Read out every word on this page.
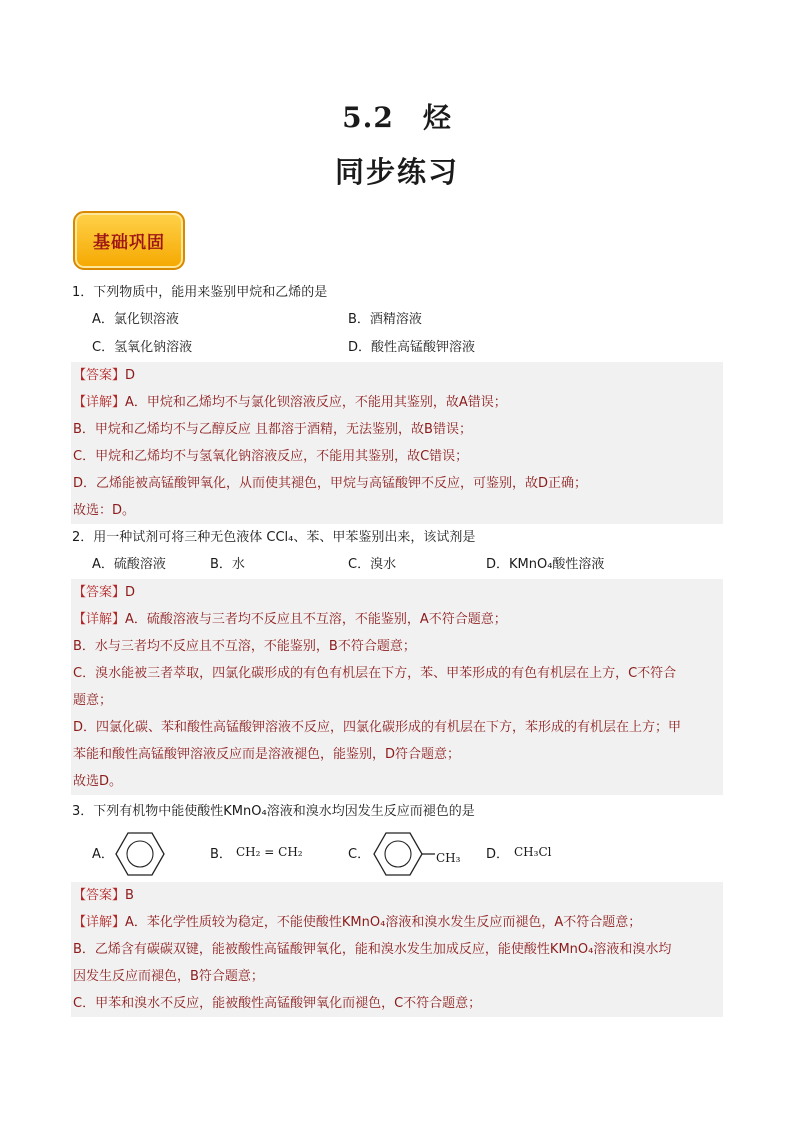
5.2　烃
同步练习
基础巩固
1．下列物质中，能用来鉴别甲烷和乙烯的是
A．氯化钡溶液	B．酒精溶液
C．氢氧化钠溶液	D．酸性高锰酸钾溶液
【答案】D
【详解】A．甲烷和乙烯均不与氯化钡溶液反应，不能用其鉴别，故A错误；
B．甲烷和乙烯均不与乙醇反应 且都溶于酒精，无法鉴别，故B错误；
C．甲烷和乙烯均不与氢氧化钠溶液反应，不能用其鉴别，故C错误；
D．乙烯能被高锰酸钾氧化，从而使其褪色，甲烷与高锰酸钾不反应，可鉴别，故D正确；
故选：D。
2．用一种试剂可将三种无色液体 CCl₄、苯、甲苯鉴别出来，该试剂是
A．硫酸溶液	B．水	C．溴水	D．KMnO₄酸性溶液
【答案】D
【详解】A．硫酸溶液与三者均不反应且不互溶，不能鉴别，A不符合题意；
B．水与三者均不反应且不互溶，不能鉴别，B不符合题意；
C．溴水能被三者萃取，四氯化碳形成的有色有机层在下方，苯、甲苯形成的有色有机层在上方，C不符合
题意；
D．四氯化碳、苯和酸性高锰酸钾溶液不反应，四氯化碳形成的有机层在下方，苯形成的有机层在上方；甲
苯能和酸性高锰酸钾溶液反应而是溶液褪色，能鉴别，D符合题意；
故选D。
3．下列有机物中能使酸性KMnO₄溶液和溴水均因发生反应而褪色的是
A．	B． CH₂ = CH₂	C．	CH₃ D． CH₃Cl
【答案】B
【详解】A．苯化学性质较为稳定，不能使酸性KMnO₄溶液和溴水发生反应而褪色，A不符合题意；
B．乙烯含有碳碳双键，能被酸性高锰酸钾氧化，能和溴水发生加成反应，能使酸性KMnO₄溶液和溴水均
因发生反应而褪色，B符合题意；
C．甲苯和溴水不反应，能被酸性高锰酸钾氧化而褪色，C不符合题意；
